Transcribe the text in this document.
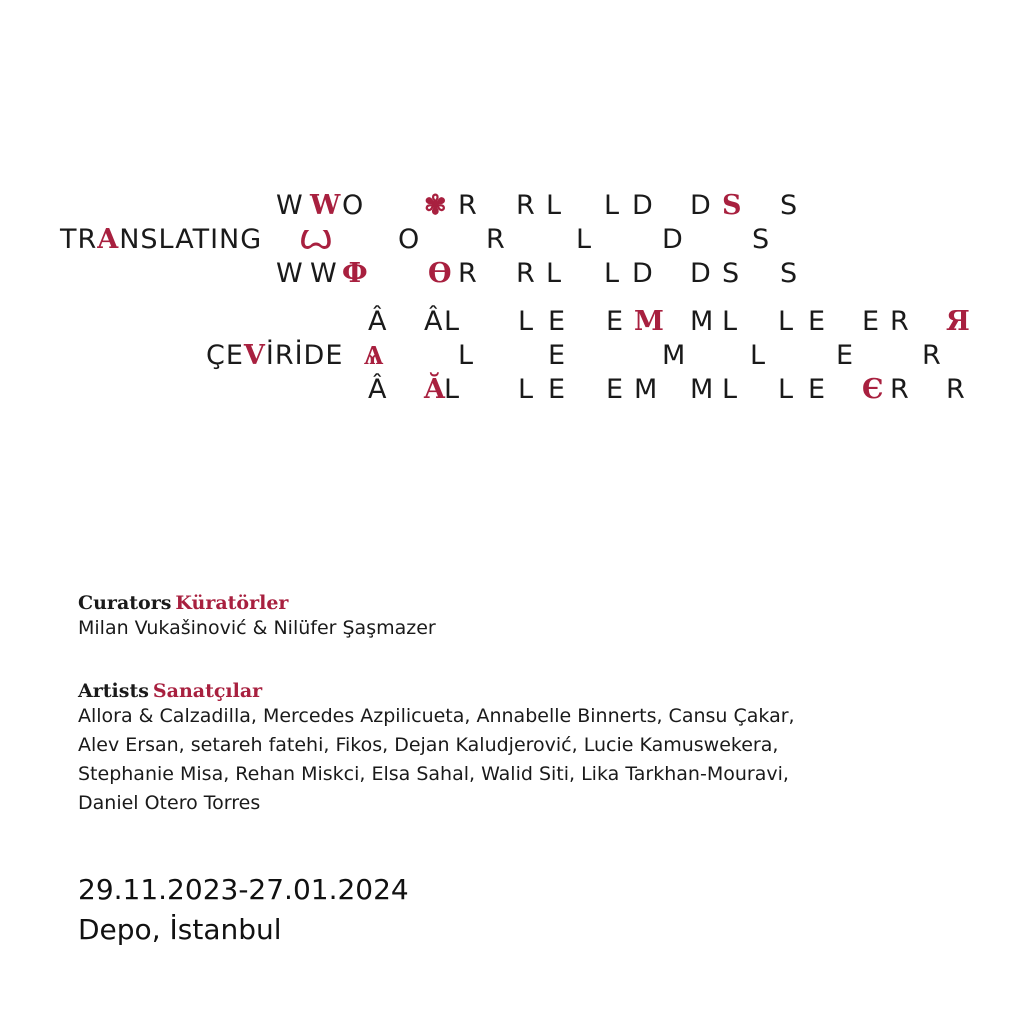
W W O ✾ R R L L D D S S
TRANSLATING Ꙍ O R	L	D	S
W W Ф Ѳ R R L L D D S S
Â Â L L E E M M L L E E R Я
ÇEVİRİDE Ѧ	L	E	M L	E	R
Â Ă
L L E E M M L L E Є R R
Curators Küratörler
Milan Vukašinović & Nilüfer Şaşmazer
Artists Sanatçılar
Allora & Calzadilla, Mercedes Azpilicueta, Annabelle Binnerts, Cansu Çakar,
Alev Ersan, setareh fatehi, Fikos, Dejan Kaludjerović, Lucie Kamuswekera,
Stephanie Misa, Rehan Miskci, Elsa Sahal, Walid Siti, Lika Tarkhan-Mouravi,
Daniel Otero Torres
29.11.2023-27.01.2024
Depo, İstanbul
